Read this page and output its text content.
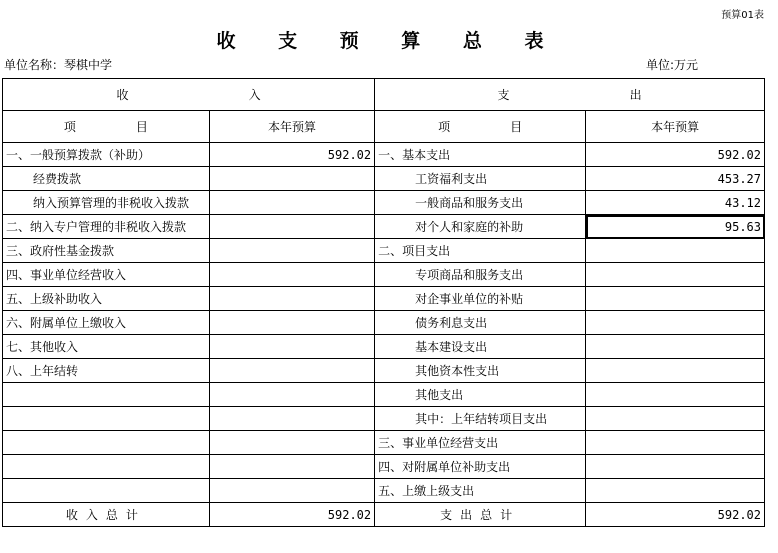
预算01表
收 支 预 算 总 表
单位名称：琴棋中学	单位:万元
收 入		支 出	
项 目	本年预算	项 目	本年预算
一、一般预算拨款（补助）	592.02	一、基本支出	592.02
经费拨款		工资福利支出	453.27
纳入预算管理的非税收入拨款		一般商品和服务支出	43.12
二、纳入专户管理的非税收入拨款		对个人和家庭的补助	95.63
三、政府性基金拨款		二、项目支出	
四、事业单位经营收入		专项商品和服务支出	
五、上级补助收入		对企事业单位的补贴	
六、附属单位上缴收入		债务利息支出	
七、其他收入		基本建设支出	
八、上年结转		其他资本性支出	
		其他支出	
		其中：上年结转项目支出	
		三、事业单位经营支出	
		四、对附属单位补助支出	
		五、上缴上级支出	
收入总计	592.02	支出总计	592.02
